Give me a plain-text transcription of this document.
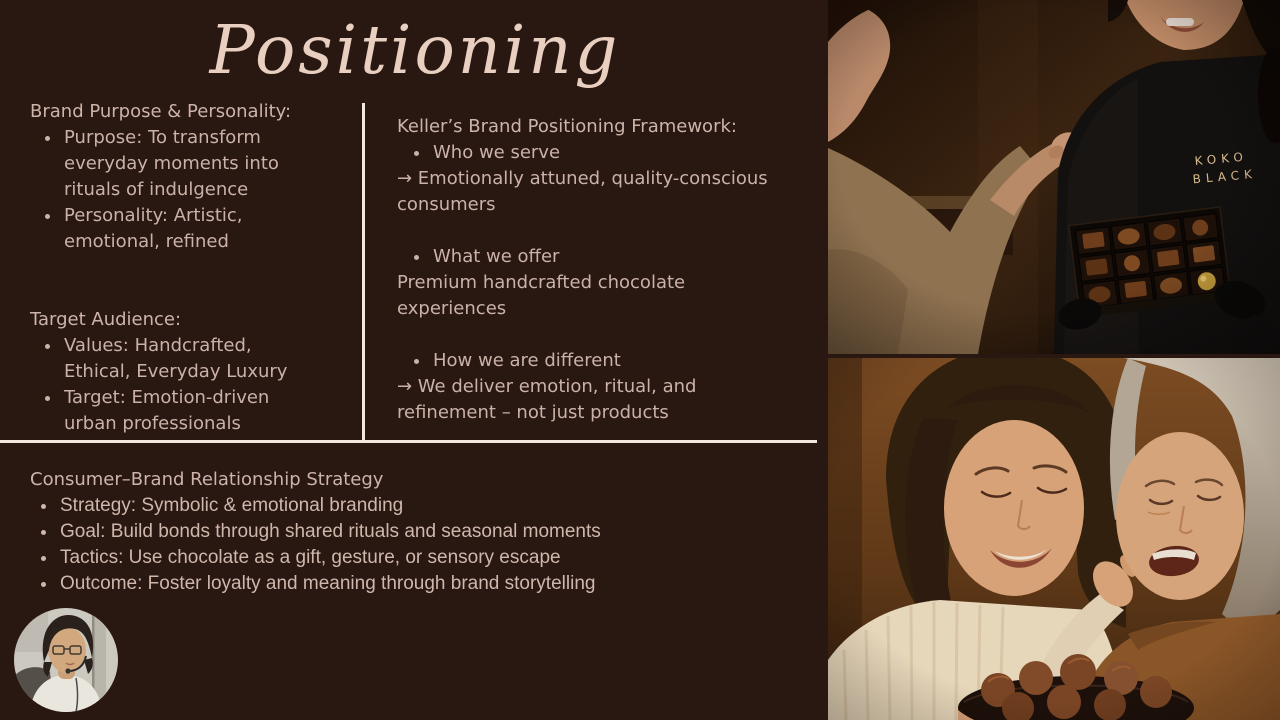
Positioning
Brand Purpose & Personality:
• Purpose: To transform everyday moments into rituals of indulgence
• Personality: Artistic, emotional, refined
Target Audience:
• Values: Handcrafted, Ethical, Everyday Luxury
• Target: Emotion-driven urban professionals
Keller’s Brand Positioning Framework:
• Who we serve
→ Emotionally attuned, quality-conscious consumers
• What we offer
Premium handcrafted chocolate experiences
• How we are different
→ We deliver emotion, ritual, and refinement – not just products
Consumer–Brand Relationship Strategy
• Strategy: Symbolic & emotional branding
• Goal: Build bonds through shared rituals and seasonal moments
• Tactics: Use chocolate as a gift, gesture, or sensory escape
• Outcome: Foster loyalty and meaning through brand storytelling
